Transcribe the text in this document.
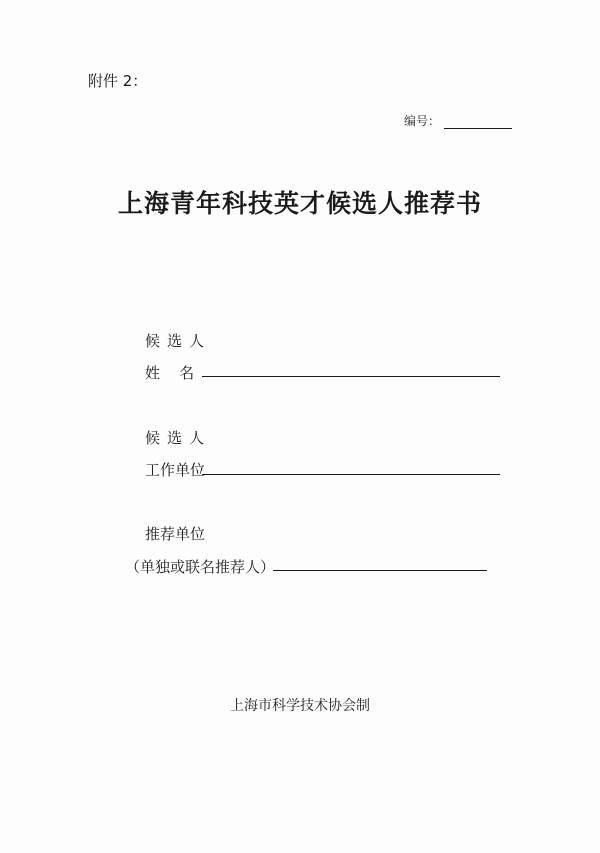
附件 2：
编号：
上海青年科技英才候选人推荐书
候选人
姓    名
候选人
工作单位
推荐单位
（单独或联名推荐人）
上海市科学技术协会制
